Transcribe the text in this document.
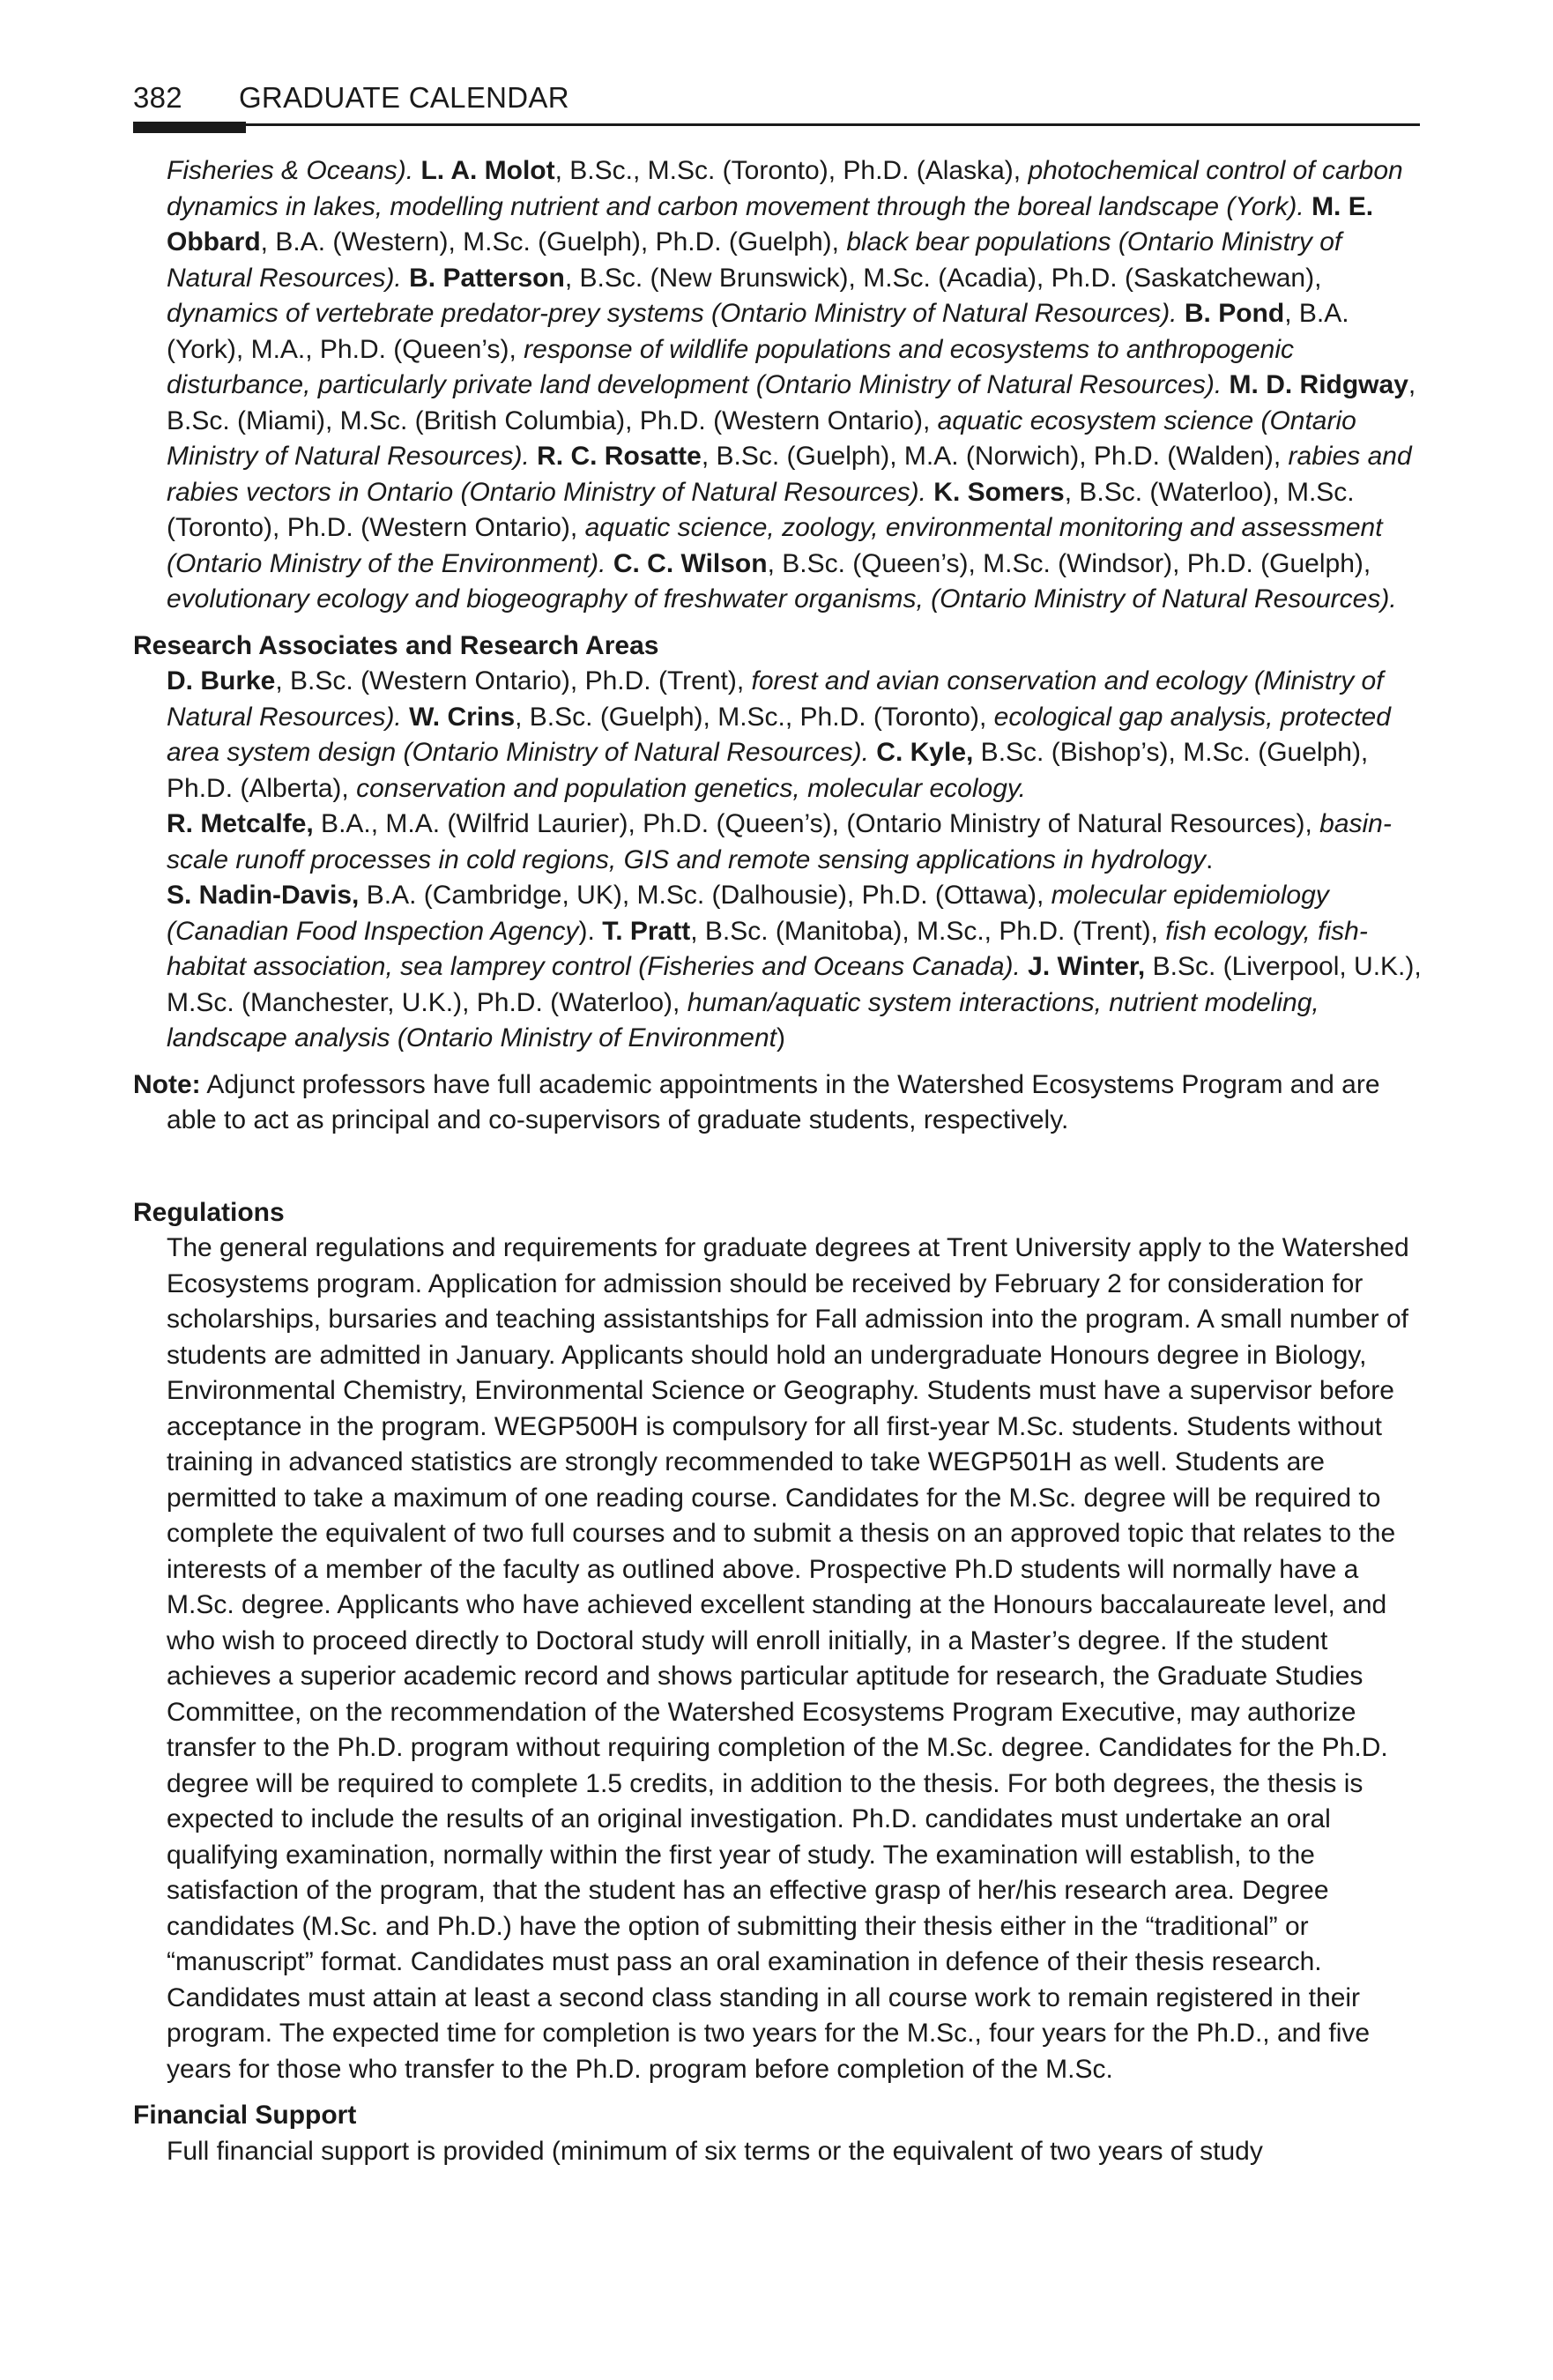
382 GRADUATE CALENDAR

Fisheries & Oceans). L. A. Molot, B.Sc., M.Sc. (Toronto), Ph.D. (Alaska), photochemical control of carbon dynamics in lakes, modelling nutrient and carbon movement through the boreal landscape (York). M. E. Obbard, B.A. (Western), M.Sc. (Guelph), Ph.D. (Guelph), black bear populations (Ontario Ministry of Natural Resources). B. Patterson, B.Sc. (New Brunswick), M.Sc. (Acadia), Ph.D. (Saskatchewan), dynamics of vertebrate predator-prey systems (Ontario Ministry of Natural Resources). B. Pond, B.A. (York), M.A., Ph.D. (Queen’s), response of wildlife populations and ecosystems to anthropogenic disturbance, particularly private land development (Ontario Ministry of Natural Resources). M. D. Ridgway, B.Sc. (Miami), M.Sc. (British Columbia), Ph.D. (Western Ontario), aquatic ecosystem science (Ontario Ministry of Natural Resources). R. C. Rosatte, B.Sc. (Guelph), M.A. (Norwich), Ph.D. (Walden), rabies and rabies vectors in Ontario (Ontario Ministry of Natural Resources). K. Somers, B.Sc. (Waterloo), M.Sc. (Toronto), Ph.D. (Western Ontario), aquatic science, zoology, environmental monitoring and assessment (Ontario Ministry of the Environment). C. C. Wilson, B.Sc. (Queen’s), M.Sc. (Windsor), Ph.D. (Guelph), evolutionary ecology and biogeography of freshwater organisms, (Ontario Ministry of Natural Resources).

Research Associates and Research Areas

D. Burke, B.Sc. (Western Ontario), Ph.D. (Trent), forest and avian conservation and ecology (Ministry of Natural Resources). W. Crins, B.Sc. (Guelph), M.Sc., Ph.D. (Toronto), ecological gap analysis, protected area system design (Ontario Ministry of Natural Resources). C. Kyle, B.Sc. (Bishop’s), M.Sc. (Guelph), Ph.D. (Alberta), conservation and population genetics, molecular ecology.
R. Metcalfe, B.A., M.A. (Wilfrid Laurier), Ph.D. (Queen’s), (Ontario Ministry of Natural Resources), basin-scale runoff processes in cold regions, GIS and remote sensing applications in hydrology.
S. Nadin-Davis, B.A. (Cambridge, UK), M.Sc. (Dalhousie), Ph.D. (Ottawa), molecular epidemiology (Canadian Food Inspection Agency). T. Pratt, B.Sc. (Manitoba), M.Sc., Ph.D. (Trent), fish ecology, fish-habitat association, sea lamprey control (Fisheries and Oceans Canada). J. Winter, B.Sc. (Liverpool, U.K.), M.Sc. (Manchester, U.K.), Ph.D. (Waterloo), human/aquatic system interactions, nutrient modeling, landscape analysis (Ontario Ministry of Environment)

Note: Adjunct professors have full academic appointments in the Watershed Ecosystems Program and are able to act as principal and co-supervisors of graduate students, respectively.

Regulations

The general regulations and requirements for graduate degrees at Trent University apply to the Watershed Ecosystems program. Application for admission should be received by February 2 for consideration for scholarships, bursaries and teaching assistantships for Fall admission into the program. A small number of students are admitted in January. Applicants should hold an undergraduate Honours degree in Biology, Environmental Chemistry, Environmental Science or Geography. Students must have a supervisor before acceptance in the program. WEGP500H is compulsory for all first-year M.Sc. students. Students without training in advanced statistics are strongly recommended to take WEGP501H as well. Students are permitted to take a maximum of one reading course. Candidates for the M.Sc. degree will be required to complete the equivalent of two full courses and to submit a thesis on an approved topic that relates to the interests of a member of the faculty as outlined above. Prospective Ph.D students will normally have a M.Sc. degree. Applicants who have achieved excellent standing at the Honours baccalaureate level, and who wish to proceed directly to Doctoral study will enroll initially, in a Master’s degree. If the student achieves a superior academic record and shows particular aptitude for research, the Graduate Studies Committee, on the recommendation of the Watershed Ecosystems Program Executive, may authorize transfer to the Ph.D. program without requiring completion of the M.Sc. degree. Candidates for the Ph.D. degree will be required to complete 1.5 credits, in addition to the thesis. For both degrees, the thesis is expected to include the results of an original investigation. Ph.D. candidates must undertake an oral qualifying examination, normally within the first year of study. The examination will establish, to the satisfaction of the program, that the student has an effective grasp of her/his research area. Degree candidates (M.Sc. and Ph.D.) have the option of submitting their thesis either in the “traditional” or “manuscript” format. Candidates must pass an oral examination in defence of their thesis research. Candidates must attain at least a second class standing in all course work to remain registered in their program. The expected time for completion is two years for the M.Sc., four years for the Ph.D., and five years for those who transfer to the Ph.D. program before completion of the M.Sc.

Financial Support

Full financial support is provided (minimum of six terms or the equivalent of two years of study
